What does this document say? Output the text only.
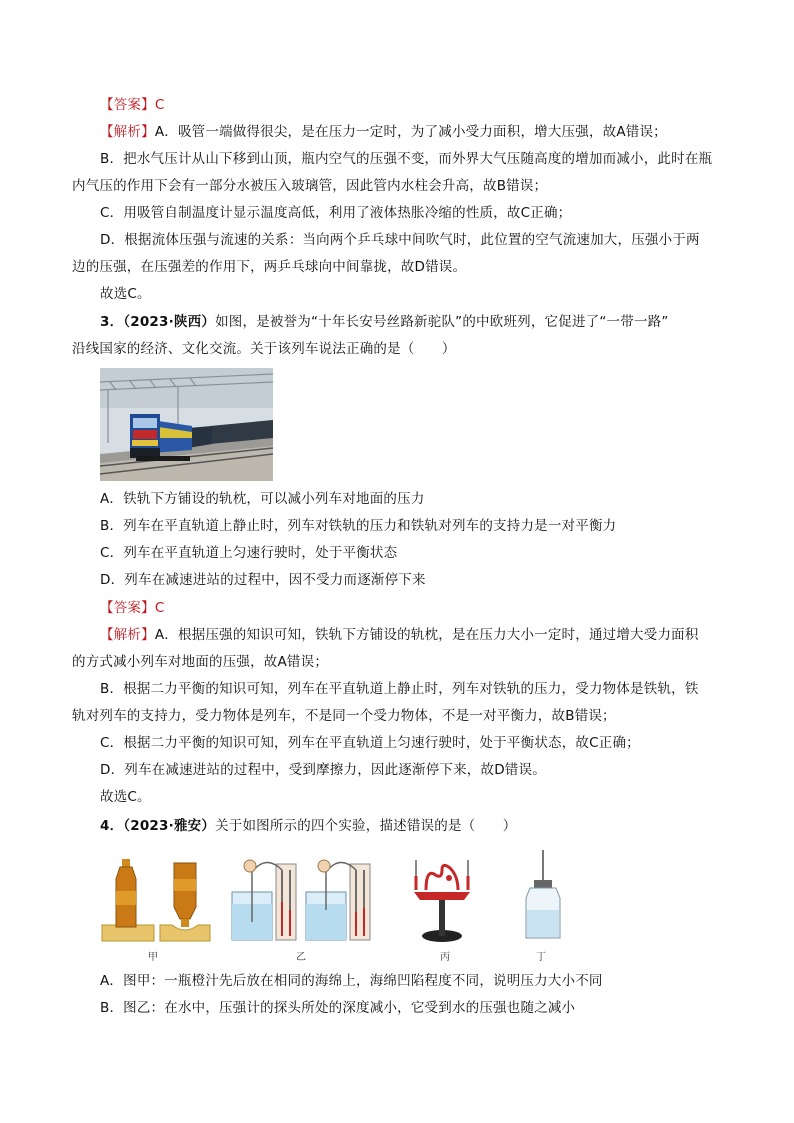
【答案】C
【解析】A．吸管一端做得很尖，是在压力一定时，为了减小受力面积，增大压强，故A错误；
B．把水气压计从山下移到山顶，瓶内空气的压强不变，而外界大气压随高度的增加而减小，此时在瓶
内气压的作用下会有一部分水被压入玻璃管，因此管内水柱会升高，故B错误；
C．用吸管自制温度计显示温度高低，利用了液体热胀冷缩的性质，故C正确；
D．根据流体压强与流速的关系：当向两个乒乓球中间吹气时，此位置的空气流速加大，压强小于两
边的压强，在压强差的作用下，两乒乓球向中间靠拢，故D错误。
故选C。
3．（2023·陕西）如图，是被誉为“十年长安号丝路新驼队”的中欧班列，它促进了“一带一路”
沿线国家的经济、文化交流。关于该列车说法正确的是（　　）
A．铁轨下方铺设的轨枕，可以减小列车对地面的压力
B．列车在平直轨道上静止时，列车对铁轨的压力和铁轨对列车的支持力是一对平衡力
C．列车在平直轨道上匀速行驶时，处于平衡状态
D．列车在减速进站的过程中，因不受力而逐渐停下来
【答案】C
【解析】A．根据压强的知识可知，铁轨下方铺设的轨枕，是在压力大小一定时，通过增大受力面积
的方式减小列车对地面的压强，故A错误；
B．根据二力平衡的知识可知，列车在平直轨道上静止时，列车对铁轨的压力，受力物体是铁轨，铁
轨对列车的支持力，受力物体是列车，不是同一个受力物体，不是一对平衡力，故B错误；
C．根据二力平衡的知识可知，列车在平直轨道上匀速行驶时，处于平衡状态，故C正确；
D．列车在减速进站的过程中，受到摩擦力，因此逐渐停下来，故D错误。
故选C。
4．（2023·雅安）关于如图所示的四个实验，描述错误的是（　　）
甲	乙	丙	丁
A．图甲：一瓶橙汁先后放在相同的海绵上，海绵凹陷程度不同，说明压力大小不同
B．图乙：在水中，压强计的探头所处的深度减小，它受到水的压强也随之减小
